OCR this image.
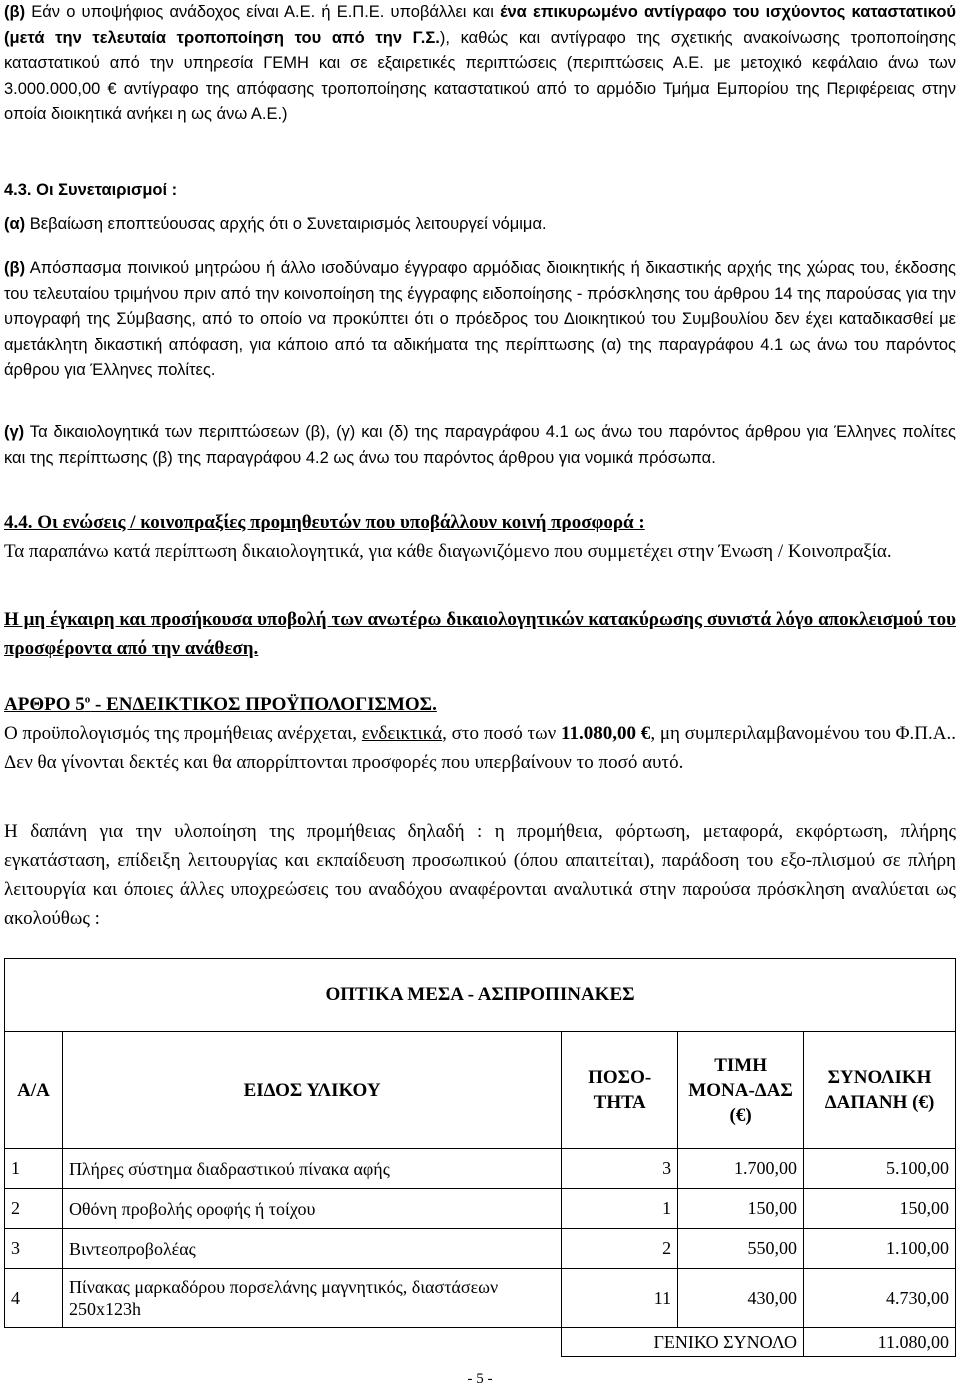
(β) Εάν ο υποψήφιος ανάδοχος είναι Α.Ε. ή Ε.Π.Ε. υποβάλλει και ένα επικυρωμένο αντίγραφο του ισχύοντος καταστατικού (μετά την τελευταία τροποποίηση του από την Γ.Σ.), καθώς και αντίγραφο της σχετικής ανακοίνωσης τροποποίησης καταστατικού από την υπηρεσία ΓΕΜΗ και σε εξαιρετικές περιπτώσεις (περιπτώσεις Α.Ε. με μετοχικό κεφάλαιο άνω των 3.000.000,00 € αντίγραφο της απόφασης τροποποίησης καταστατικού από το αρμόδιο Τμήμα Εμπορίου της Περιφέρειας στην οποία διοικητικά ανήκει η ως άνω Α.Ε.)

4.3. Οι Συνεταιρισμοί :

(α) Βεβαίωση εποπτεύουσας αρχής ότι ο Συνεταιρισμός λειτουργεί νόμιμα.

(β) Απόσπασμα ποινικού μητρώου ή άλλο ισοδύναμο έγγραφο αρμόδιας διοικητικής ή δικαστικής αρχής της χώρας του, έκδοσης του τελευταίου τριμήνου πριν από την κοινοποίηση της έγγραφης ειδοποίησης - πρόσκλησης του άρθρου 14 της παρούσας για την υπογραφή της Σύμβασης, από το οποίο να προκύπτει ότι ο πρόεδρος του Διοικητικού του Συμβουλίου δεν έχει καταδικασθεί με αμετάκλητη δικαστική απόφαση, για κάποιο από τα αδικήματα της περίπτωσης (α) της παραγράφου 4.1 ως άνω του παρόντος άρθρου για Έλληνες πολίτες.

(γ) Τα δικαιολογητικά των περιπτώσεων (β), (γ) και (δ) της παραγράφου 4.1 ως άνω του παρόντος άρθρου για Έλληνες πολίτες και της περίπτωσης (β) της παραγράφου 4.2 ως άνω του παρόντος άρθρου για νομικά πρόσωπα.

4.4. Οι ενώσεις / κοινοπραξίες προμηθευτών που υποβάλλουν κοινή προσφορά :
Τα παραπάνω κατά περίπτωση δικαιολογητικά, για κάθε διαγωνιζόμενο που συμμετέχει στην Ένωση / Κοινοπραξία.

Η μη έγκαιρη και προσήκουσα υποβολή των ανωτέρω δικαιολογητικών κατακύρωσης συνιστά λόγο αποκλεισμού του προσφέροντα από την ανάθεση.

ΑΡΘΡΟ $5^o$ - ΕΝΔΕΙΚΤΙΚΟΣ ΠΡΟΫΠΟΛΟΓΙΣΜΟΣ.
Ο προϋπολογισμός της προμήθειας ανέρχεται, ενδεικτικά, στο ποσό των 11.080,00 €, μη συμπεριλαμβανομένου του Φ.Π.Α.. Δεν θα γίνονται δεκτές και θα απορρίπτονται προσφορές που υπερβαίνουν το ποσό αυτό.

Η δαπάνη για την υλοποίηση της προμήθειας δηλαδή : η προμήθεια, φόρτωση, μεταφορά, εκφόρτωση, πλήρης εγκατάσταση, επίδειξη λειτουργίας και εκπαίδευση προσωπικού (όπου απαιτείται), παράδοση του εξο-πλισμού σε πλήρη λειτουργία και όποιες άλλες υποχρεώσεις του αναδόχου αναφέρονται αναλυτικά στην παρούσα πρόσκληση αναλύεται ως ακολούθως :

ΟΠΤΙΚΑ ΜΕΣΑ - ΑΣΠΡΟΠΙΝΑΚΕΣ				
Α/Α	ΕΙΔΟΣ ΥΛΙΚΟΥ	ΠΟΣΟ-ΤΗΤΑ	ΤΙΜΗ ΜΟΝΑ-ΔΑΣ (€)	ΣΥΝΟΛΙΚΗ ΔΑΠΑΝΗ (€)
1	Πλήρες σύστημα διαδραστικού πίνακα αφής	3	1.700,00	5.100,00
2	Οθόνη προβολής οροφής ή τοίχου	1	150,00	150,00
3	Βιντεοπροβολέας	2	550,00	1.100,00
4	Πίνακας μαρκαδόρου πορσελάνης μαγνητικός, διαστάσεων 250x123h	11	430,00	4.730,00
		ΓΕΝΙΚΟ ΣΥΝΟΛΟ		11.080,00
- 5 -
